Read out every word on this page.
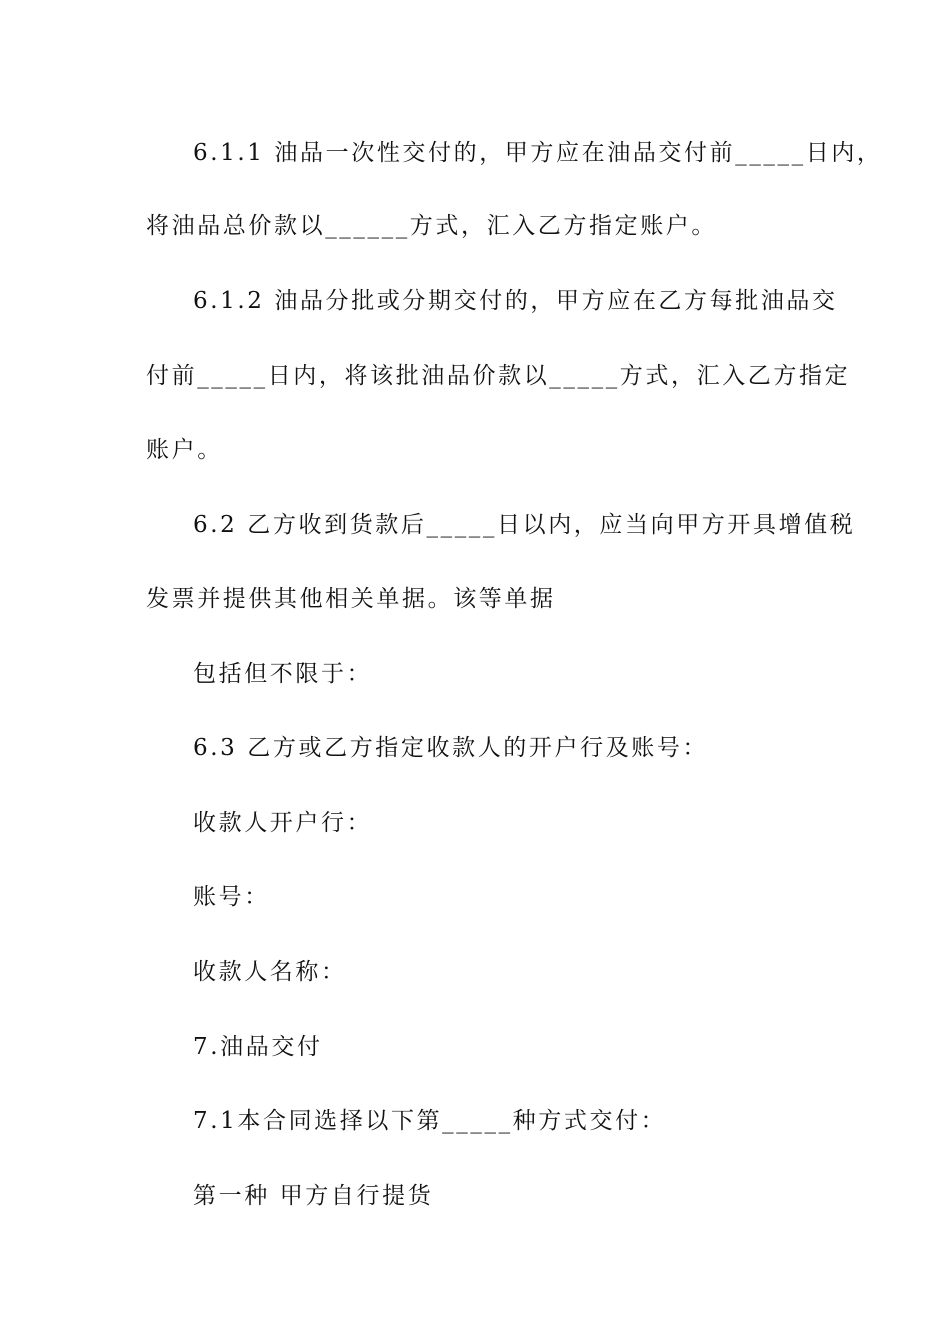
6.1.1 油品一次性交付的，甲方应在油品交付前_____日内，
将油品总价款以______方式，汇入乙方指定账户。
6.1.2 油品分批或分期交付的，甲方应在乙方每批油品交
付前_____日内，将该批油品价款以_____方式，汇入乙方指定
账户。
6.2 乙方收到货款后_____日以内，应当向甲方开具增值税
发票并提供其他相关单据。该等单据
包括但不限于：
6.3 乙方或乙方指定收款人的开户行及账号：
收款人开户行：
账号：
收款人名称：
7.油品交付
7.1本合同选择以下第_____种方式交付：
第一种 甲方自行提货
